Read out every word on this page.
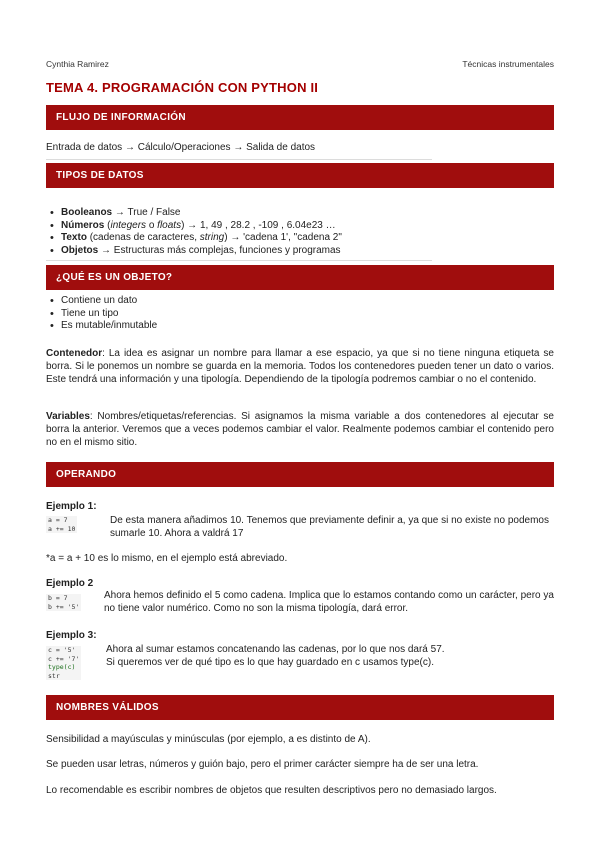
Cynthia Ramirez	Técnicas instrumentales
TEMA 4. PROGRAMACIÓN CON PYTHON II
FLUJO DE INFORMACIÓN
Entrada de datos → Cálculo/Operaciones → Salida de datos
TIPOS DE DATOS
• Booleanos → True / False
• Números (integers o floats) → 1, 49 , 28.2 , -109 , 6.04e23 …
• Texto (cadenas de caracteres, string) → 'cadena 1', "cadena 2"
• Objetos → Estructuras más complejas, funciones y programas
¿QUÉ ES UN OBJETO?
• Contiene un dato
• Tiene un tipo
• Es mutable/inmutable
Contenedor: La idea es asignar un nombre para llamar a ese espacio, ya que si no tiene ninguna etiqueta se borra. Si le ponemos un nombre se guarda en la memoria. Todos los contenedores pueden tener un dato o varios. Este tendrá una información y una tipología. Dependiendo de la tipología podremos cambiar o no el contenido.
Variables: Nombres/etiquetas/referencias. Si asignamos la misma variable a dos contenedores al ejecutar se borra la anterior. Veremos que a veces podemos cambiar el valor. Realmente podemos cambiar el contenido pero no en el mismo sitio.
OPERANDO
Ejemplo 1:
a = 7
a += 10
De esta manera añadimos 10. Tenemos que previamente definir a, ya que si no existe no podemos sumarle 10. Ahora a valdrá 17
*a = a + 10 es lo mismo, en el ejemplo está abreviado.
Ejemplo 2
b = 7
b += '5'
Ahora hemos definido el 5 como cadena. Implica que lo estamos contando como un carácter, pero ya no tiene valor numérico. Como no son la misma tipología, dará error.
Ejemplo 3:
c = '5'
c += '7'
type(c)
str
Ahora al sumar estamos concatenando las cadenas, por lo que nos dará 57.
Si queremos ver de qué tipo es lo que hay guardado en c usamos type(c).
NOMBRES VÁLIDOS
Sensibilidad a mayúsculas y minúsculas (por ejemplo, a es distinto de A).
Se pueden usar letras, números y guión bajo, pero el primer carácter siempre ha de ser una letra.
Lo recomendable es escribir nombres de objetos que resulten descriptivos pero no demasiado largos.
